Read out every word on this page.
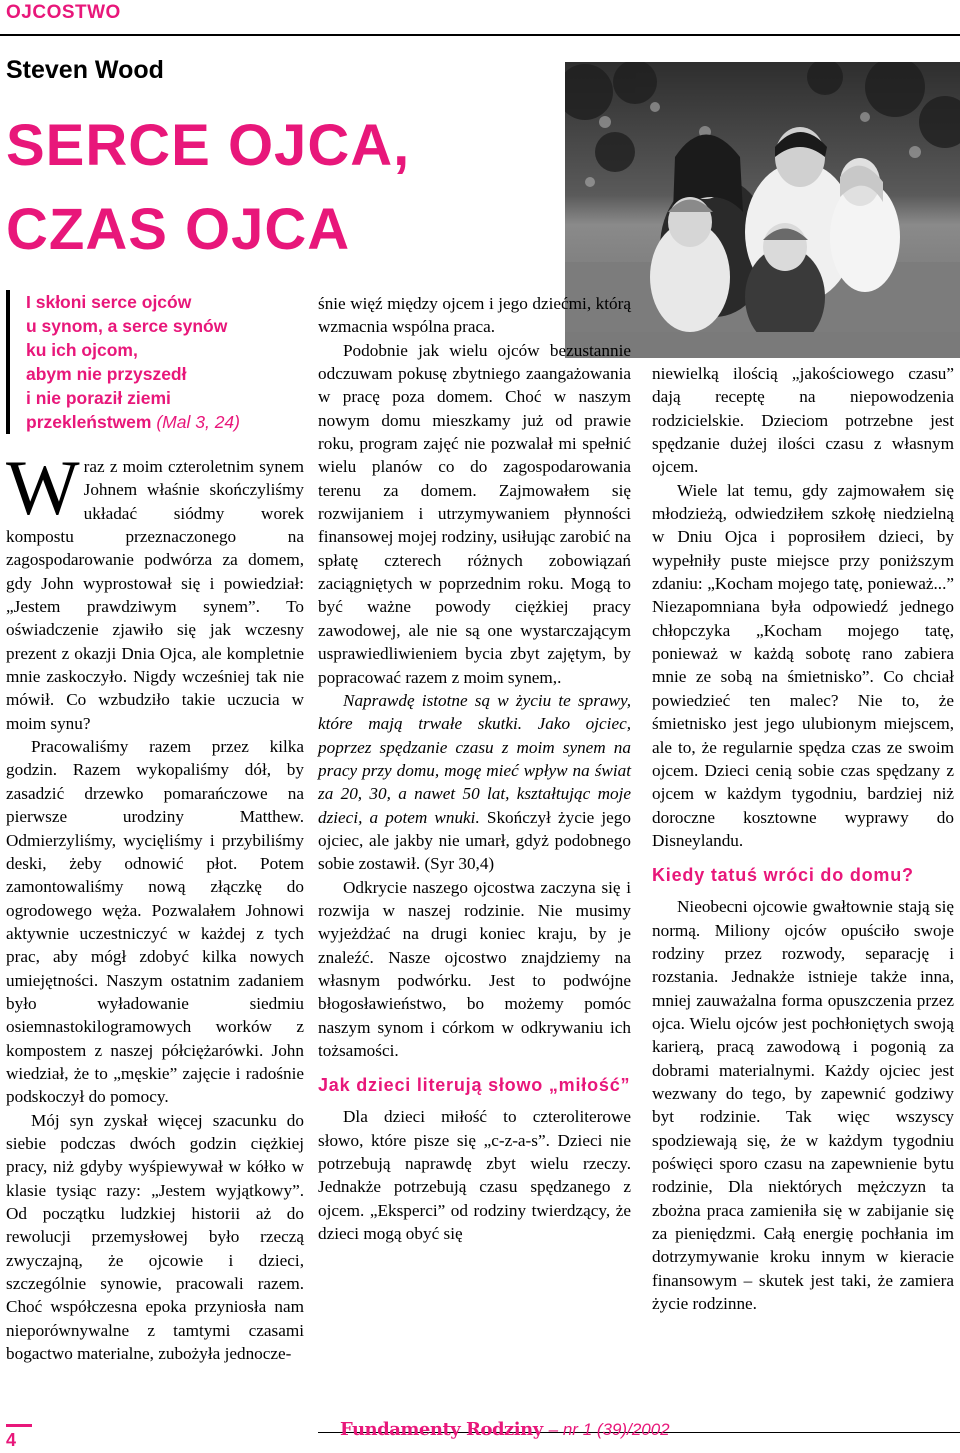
OJCOSTWO
Steven Wood
SERCE OJCA,
CZAS OJCA
I skłoni serce ojców
u synom, a serce synów
ku ich ojcom,
abym nie przyszedł
i nie poraził ziemi
przekleństwem (Mal 3, 24)

Wraz z moim czteroletnim synem Johnem właśnie skończyliśmy układać siódmy worek kompostu przeznaczonego na zagospodarowanie podwórza za domem, gdy John wyprostował się i powiedział: „Jestem prawdziwym synem”. To oświadczenie zjawiło się jak wczesny prezent z okazji Dnia Ojca, ale kompletnie mnie zaskoczyło. Nigdy wcześniej tak nie mówił. Co wzbudziło takie uczucia w moim synu?

Pracowaliśmy razem przez kilka godzin. Razem wykopaliśmy dół, by zasadzić drzewko pomarańczowe na pierwsze urodziny Matthew. Odmierzyliśmy, wycięliśmy i przybiliśmy deski, żeby odnowić płot. Potem zamontowaliśmy nową złączkę do ogrodowego węża. Pozwalałem Johnowi aktywnie uczestniczyć w każdej z tych prac, aby mógł zdobyć kilka nowych umiejętności. Naszym ostatnim zadaniem było wyładowanie siedmiu osiemnastokilogramowych worków z kompostem z naszej półciężarówki. John wiedział, że to „męskie” zajęcie i radośnie podskoczył do pomocy.

Mój syn zyskał więcej szacunku do siebie podczas dwóch godzin ciężkiej pracy, niż gdyby wyśpiewywał w kółko w klasie tysiąc razy: „Jestem wyjątkowy”. Od początku ludzkiej historii aż do rewolucji przemysłowej było rzeczą zwyczajną, że ojcowie i dzieci, szczególnie synowie, pracowali razem. Choć współczesna epoka przyniosła nam nieporównywalne z tamtymi czasami bogactwo materialne, zubożyła jednocze-

śnie więź między ojcem i jego dziećmi, którą wzmacnia wspólna praca.

Podobnie jak wielu ojców bezustannie odczuwam pokusę zbytniego zaangażowania w pracę poza domem. Choć w naszym nowym domu mieszkamy już od prawie roku, program zajęć nie pozwalał mi spełnić wielu planów co do zagospodarowania terenu za domem. Zajmowałem się rozwijaniem i utrzymywaniem płynności finansowej mojej rodziny, usiłując zarobić na spłatę czterech różnych zobowiązań zaciągniętych w poprzednim roku. Mogą to być ważne powody ciężkiej pracy zawodowej, ale nie są one wystarczającym usprawiedliwieniem bycia zbyt zajętym, by popracować razem z moim synem,.

Naprawdę istotne są w życiu te sprawy, które mają trwałe skutki. Jako ojciec, poprzez spędzanie czasu z moim synem na pracy przy domu, mogę mieć wpływ na świat za 20, 30, a nawet 50 lat, kształtując moje dzieci, a potem wnuki. Skończył życie jego ojciec, ale jakby nie umarł, gdyż podobnego sobie zostawił. (Syr 30,4)

Odkrycie naszego ojcostwa zaczyna się i rozwija w naszej rodzinie. Nie musimy wyjeżdżać na drugi koniec kraju, by je znaleźć. Nasze ojcostwo znajdziemy na własnym podwórku. Jest to podwójne błogosławieństwo, bo możemy pomóc naszym synom i córkom w odkrywaniu ich tożsamości.

Jak dzieci literują słowo „miłość”

Dla dzieci miłość to czteroliterowe słowo, które pisze się „c-z-a-s”. Dzieci nie potrzebują naprawdę zbyt wielu rzeczy. Jednakże potrzebują czasu spędzanego z ojcem. „Eksperci” od rodziny twierdzący, że dzieci mogą obyć się

niewielką ilością „jakościowego czasu” dają receptę na niepowodzenia rodzicielskie. Dzieciom potrzebne jest spędzanie dużej ilości czasu z własnym ojcem.

Wiele lat temu, gdy zajmowałem się młodzieżą, odwiedziłem szkołę niedzielną w Dniu Ojca i poprosiłem dzieci, by wypełniły puste miejsce przy poniższym zdaniu: „Kocham mojego tatę, ponieważ...” Niezapomniana była odpowiedź jednego chłopczyka „Kocham mojego tatę, ponieważ w każdą sobotę rano zabiera mnie ze sobą na śmietnisko”. Co chciał powiedzieć ten malec? Nie to, że śmietnisko jest jego ulubionym miejscem, ale to, że regularnie spędza czas ze swoim ojcem. Dzieci cenią sobie czas spędzany z ojcem w każdym tygodniu, bardziej niż doroczne kosztowne wyprawy do Disneylandu.

Kiedy tatuś wróci do domu?

Nieobecni ojcowie gwałtownie stają się normą. Miliony ojców opuściło swoje rodziny przez rozwody, separację i rozstania. Jednakże istnieje także inna, mniej zauważalna forma opuszczenia przez ojca. Wielu ojców jest pochłoniętych swoją karierą, pracą zawodową i pogonią za dobrami materialnymi. Każdy ojciec jest wezwany do tego, by zapewnić godziwy byt rodzinie. Tak więc wszyscy spodziewają się, że w każdym tygodniu poświęci sporo czasu na zapewnienie bytu rodzinie, Dla niektórych mężczyzn ta zbożna praca zamieniła się w zabijanie się za pieniędzmi. Całą energię pochłania im dotrzymywanie kroku innym w kieracie finansowym – skutek jest taki, że zamiera życie rodzinne.

Fundamenty Rodziny – nr 1 (39)/2002
4
